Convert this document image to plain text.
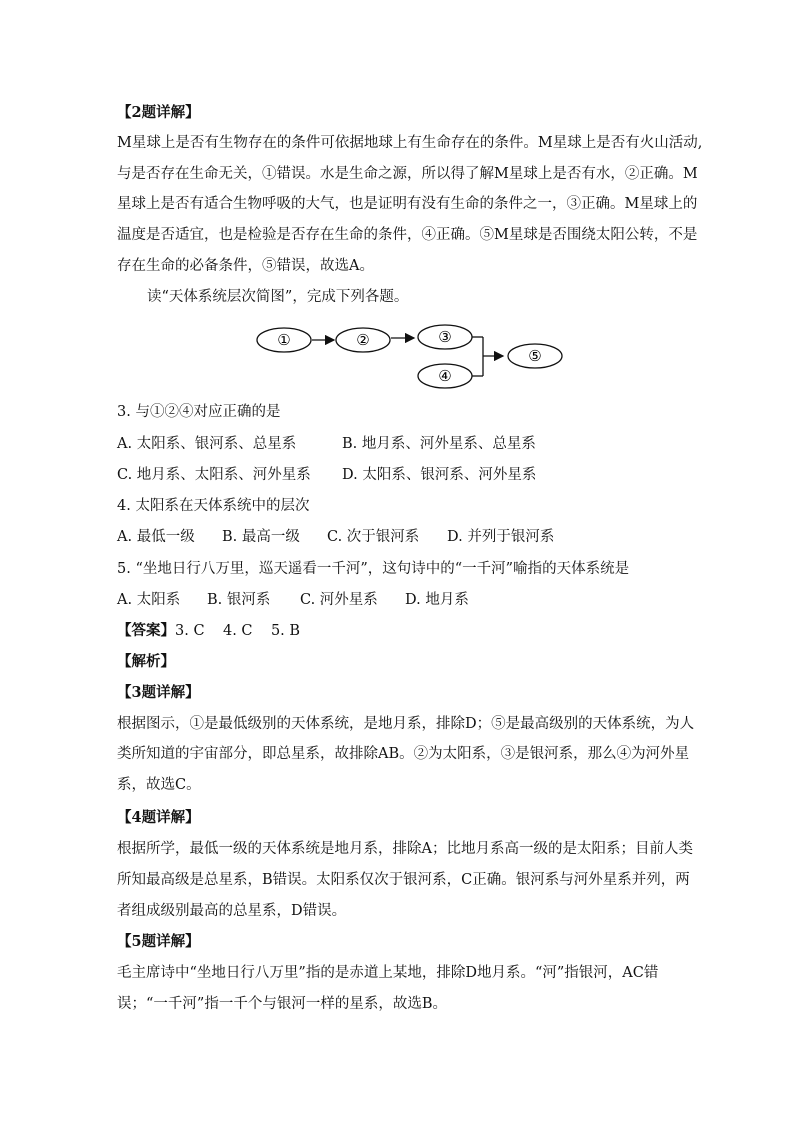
【2题详解】
M星球上是否有生物存在的条件可依据地球上有生命存在的条件。M星球上是否有火山活动,
与是否存在生命无关，①错误。水是生命之源，所以得了解M星球上是否有水，②正确。M
星球上是否有适合生物呼吸的大气，也是证明有没有生命的条件之一，③正确。M星球上的
温度是否适宜，也是检验是否存在生命的条件，④正确。⑤M星球是否围绕太阳公转，不是
存在生命的必备条件，⑤错误，故选A。
读“天体系统层次简图”，完成下列各题。
①	②	③
④
⑤
3. 与①②④对应正确的是
A. 太阳系、银河系、总星系	B. 地月系、河外星系、总星系
C. 地月系、太阳系、河外星系 D. 太阳系、银河系、河外星系
4. 太阳系在天体系统中的层次
A. 最低一级 B. 最高一级 C. 次于银河系 D. 并列于银河系
5. “坐地日行八万里，巡天遥看一千河”，这句诗中的“一千河”喻指的天体系统是
A. 太阳系 B. 银河系 C. 河外星系 D. 地月系
【答案】3. C    4. C    5. B
【解析】
【3题详解】
根据图示，①是最低级别的天体系统，是地月系，排除D；⑤是最高级别的天体系统，为人
类所知道的宇宙部分，即总星系，故排除AB。②为太阳系，③是银河系，那么④为河外星
系，故选C。
【4题详解】
根据所学，最低一级的天体系统是地月系，排除A；比地月系高一级的是太阳系；目前人类
所知最高级是总星系，B错误。太阳系仅次于银河系，C正确。银河系与河外星系并列，两
者组成级别最高的总星系，D错误。
【5题详解】
毛主席诗中“坐地日行八万里”指的是赤道上某地，排除D地月系。“河”指银河，AC错
误；“一千河”指一千个与银河一样的星系，故选B。
